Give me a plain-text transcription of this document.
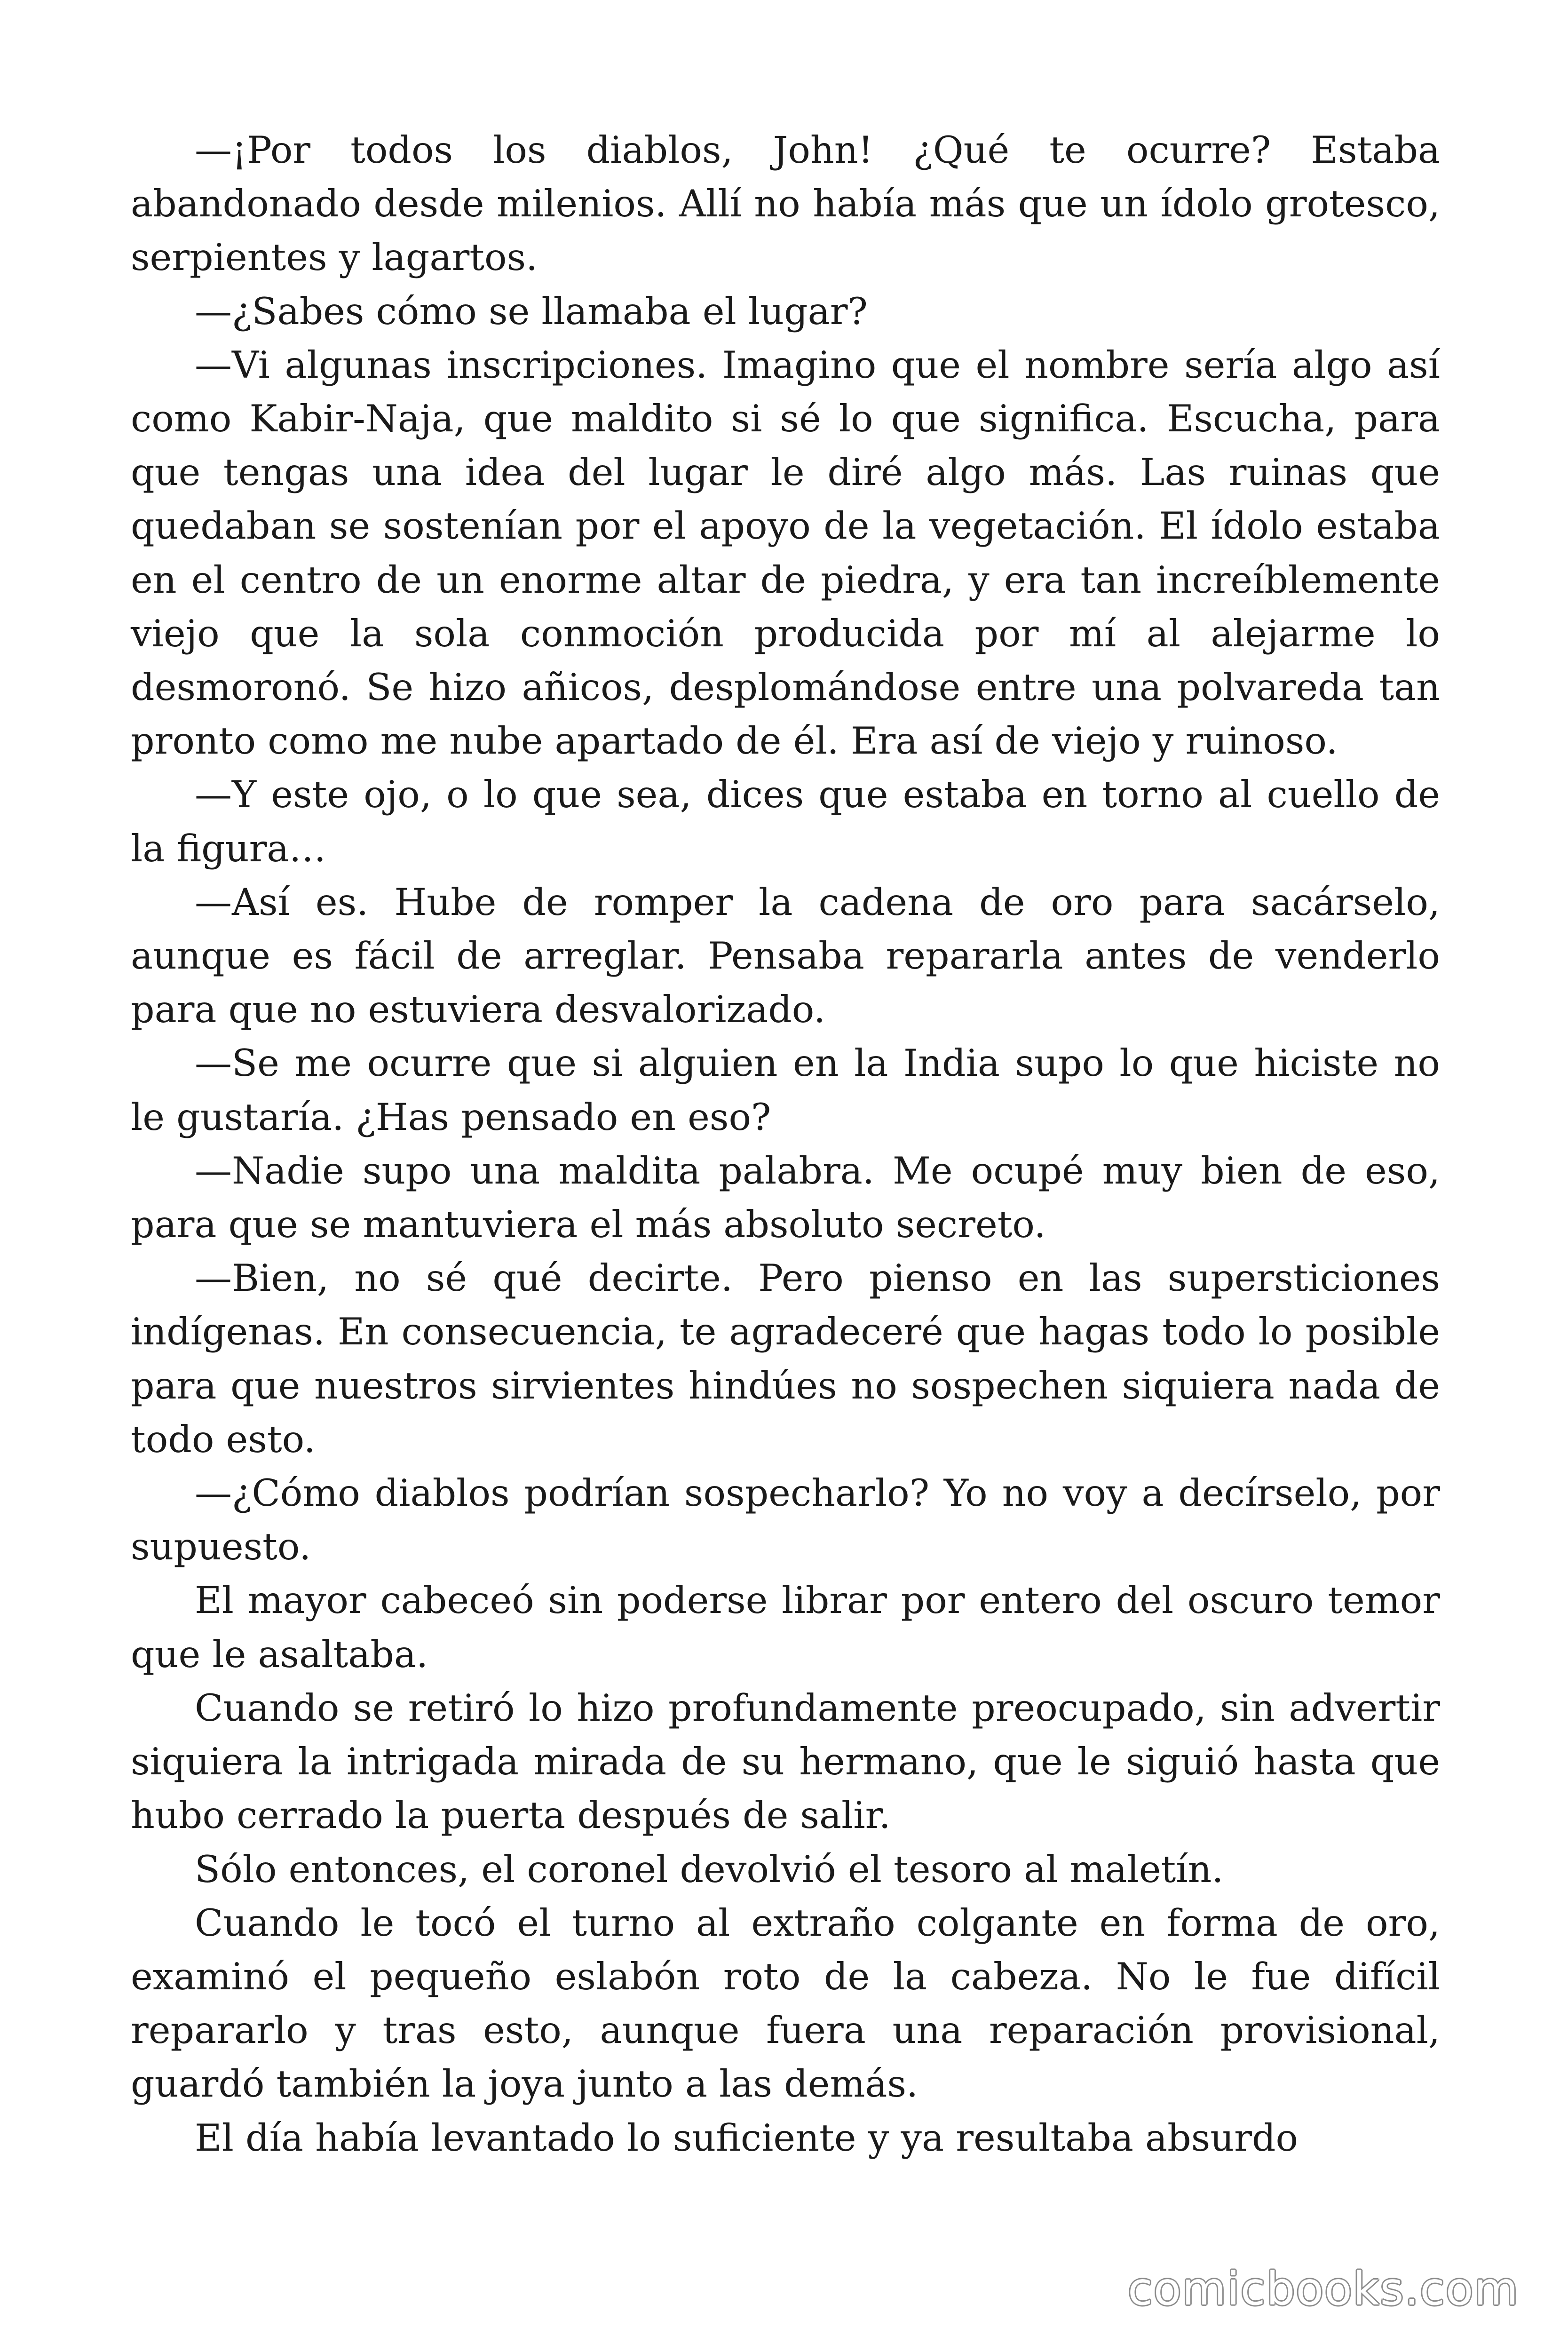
—¡Por todos los diablos, John! ¿Qué te ocurre? Estaba abandonado desde milenios. Allí no había más que un ídolo grotesco, serpientes y lagartos.

—¿Sabes cómo se llamaba el lugar?

—Vi algunas inscripciones. Imagino que el nombre sería algo así como Kabir-Naja, que maldito si sé lo que significa. Escucha, para que tengas una idea del lugar le diré algo más. Las ruinas que quedaban se sostenían por el apoyo de la vegetación. El ídolo estaba en el centro de un enorme altar de piedra, y era tan increíblemente viejo que la sola conmoción producida por mí al alejarme lo desmoronó. Se hizo añicos, desplomándose entre una polvareda tan pronto como me nube apartado de él. Era así de viejo y ruinoso.

—Y este ojo, o lo que sea, dices que estaba en torno al cuello de la figura…

—Así es. Hube de romper la cadena de oro para sacárselo, aunque es fácil de arreglar. Pensaba repararla antes de venderlo para que no estuviera desvalorizado.

—Se me ocurre que si alguien en la India supo lo que hiciste no le gustaría. ¿Has pensado en eso?

—Nadie supo una maldita palabra. Me ocupé muy bien de eso, para que se mantuviera el más absoluto secreto.

—Bien, no sé qué decirte. Pero pienso en las supersticiones indígenas. En consecuencia, te agradeceré que hagas todo lo posible para que nuestros sirvientes hindúes no sospechen siquiera nada de todo esto.

—¿Cómo diablos podrían sospecharlo? Yo no voy a decírselo, por supuesto.

El mayor cabeceó sin poderse librar por entero del oscuro temor que le asaltaba.

Cuando se retiró lo hizo profundamente preocupado, sin advertir siquiera la intrigada mirada de su hermano, que le siguió hasta que hubo cerrado la puerta después de salir.

Sólo entonces, el coronel devolvió el tesoro al maletín.

Cuando le tocó el turno al extraño colgante en forma de oro, examinó el pequeño eslabón roto de la cabeza. No le fue difícil repararlo y tras esto, aunque fuera una reparación provisional, guardó también la joya junto a las demás.

El día había levantado lo suficiente y ya resultaba absurdo

comicbooks.com
